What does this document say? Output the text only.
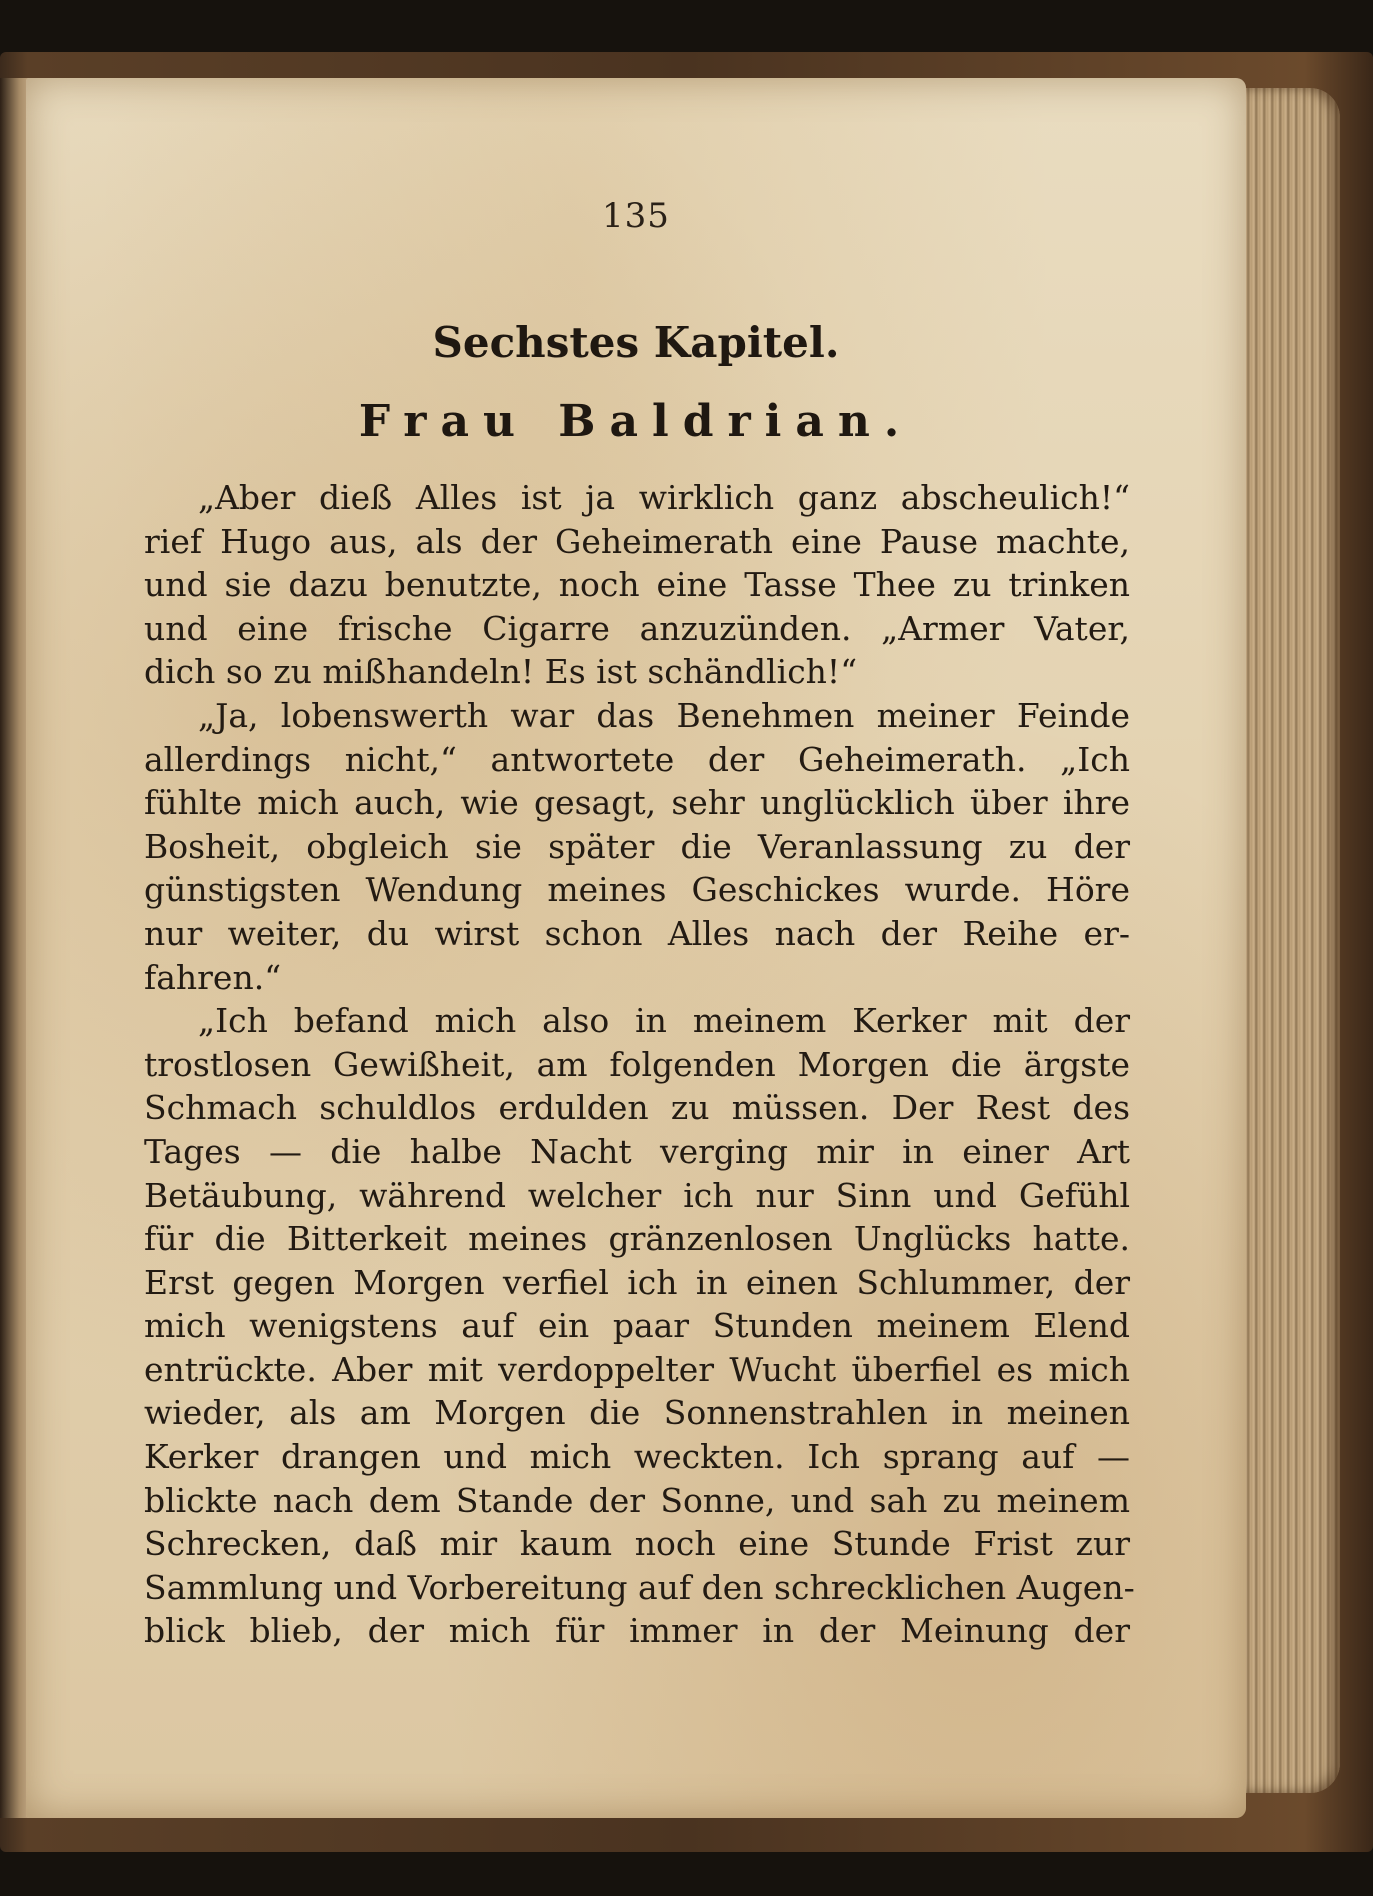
135

Sechstes Kapitel.
Frau Baldrian.
„Aber dieß Alles ist ja wirklich ganz abscheulich!“
rief Hugo aus, als der Geheimerath eine Pause machte,
und sie dazu benutzte, noch eine Tasse Thee zu trinken
und eine frische Cigarre anzuzünden. „Armer Vater,
dich so zu mißhandeln! Es ist schändlich!“
„Ja, lobenswerth war das Benehmen meiner Feinde
allerdings nicht,“ antwortete der Geheimerath. „Ich
fühlte mich auch, wie gesagt, sehr unglücklich über ihre
Bosheit, obgleich sie später die Veranlassung zu der
günstigsten Wendung meines Geschickes wurde. Höre
nur weiter, du wirst schon Alles nach der Reihe er-
fahren.“
„Ich befand mich also in meinem Kerker mit der
trostlosen Gewißheit, am folgenden Morgen die ärgste
Schmach schuldlos erdulden zu müssen. Der Rest des
Tages — die halbe Nacht verging mir in einer Art
Betäubung, während welcher ich nur Sinn und Gefühl
für die Bitterkeit meines gränzenlosen Unglücks hatte.
Erst gegen Morgen verfiel ich in einen Schlummer, der
mich wenigstens auf ein paar Stunden meinem Elend
entrückte. Aber mit verdoppelter Wucht überfiel es mich
wieder, als am Morgen die Sonnenstrahlen in meinen
Kerker drangen und mich weckten. Ich sprang auf —
blickte nach dem Stande der Sonne, und sah zu meinem
Schrecken, daß mir kaum noch eine Stunde Frist zur
Sammlung und Vorbereitung auf den schrecklichen Augen-
blick blieb, der mich für immer in der Meinung der
